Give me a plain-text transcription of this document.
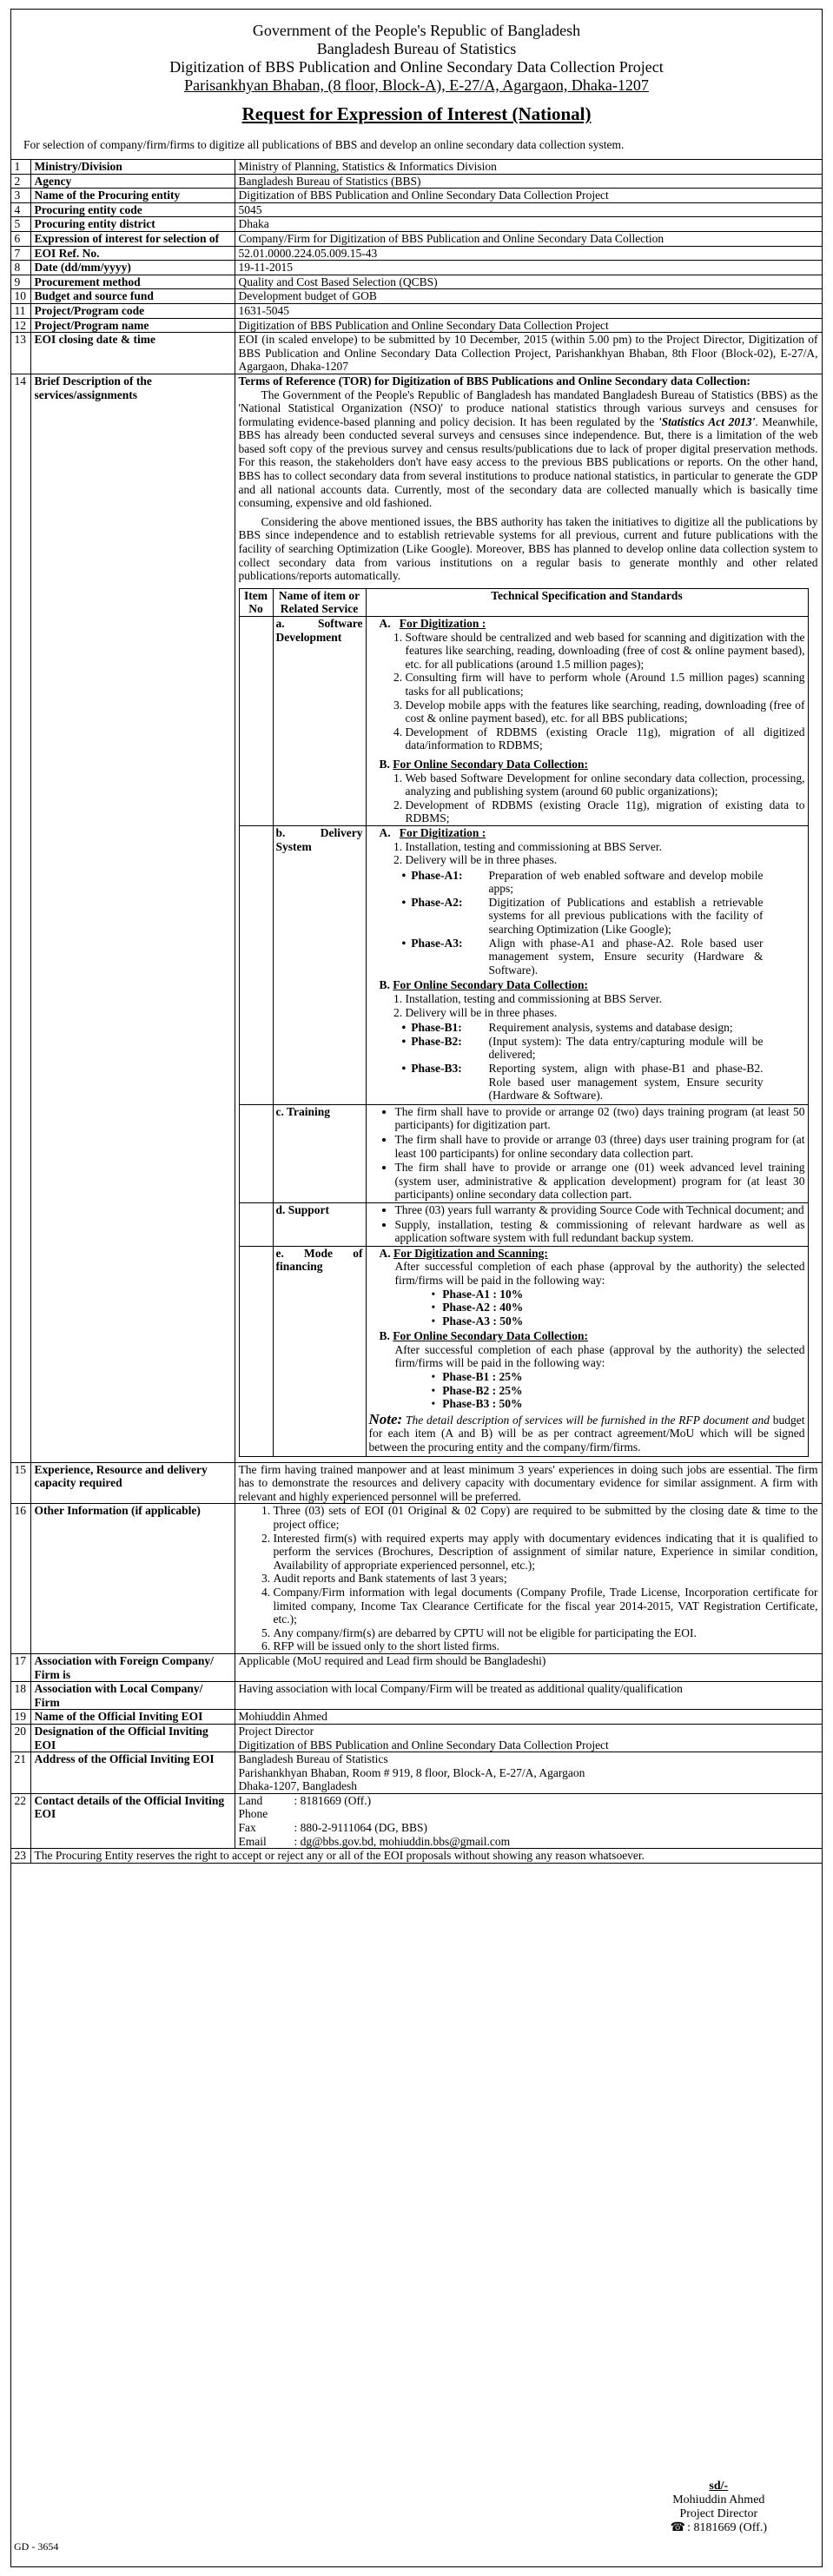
Government of the People's Republic of Bangladesh
Bangladesh Bureau of Statistics
Digitization of BBS Publication and Online Secondary Data Collection Project
Parisankhyan Bhaban, (8 floor, Block-A), E-27/A, Agargaon, Dhaka-1207
Request for Expression of Interest (National)
For selection of company/firm/firms to digitize all publications of BBS and develop an online secondary data collection system.
1	Ministry/Division	Ministry of Planning, Statistics & Informatics Division
2	Agency	Bangladesh Bureau of Statistics (BBS)
3	Name of the Procuring entity	Digitization of BBS Publication and Online Secondary Data Collection Project
4	Procuring entity code	5045
5	Procuring entity district	Dhaka
6	Expression of interest for selection of	Company/Firm for Digitization of BBS Publication and Online Secondary Data Collection
7	EOI Ref. No.	52.01.0000.224.05.009.15-43
8	Date (dd/mm/yyyy)	19-11-2015
9	Procurement method	Quality and Cost Based Selection (QCBS)
10	Budget and source fund	Development budget of GOB
11	Project/Program code	1631-5045
12	Project/Program name	Digitization of BBS Publication and Online Secondary Data Collection Project
13	EOI closing date & time	EOI (in scaled envelope) to be submitted by 10 December, 2015 (within 5.00 pm) to the Project Director, Digitization of BBS Publication and Online Secondary Data Collection Project, Parishankhyan Bhaban, 8th Floor (Block-02), E-27/A, Agargaon, Dhaka-1207
14	Brief Description of the services/assignments	

Terms of Reference (TOR) for Digitization of BBS Publications and Online Secondary data Collection:

The Government of the People's Republic of Bangladesh has mandated Bangladesh Bureau of Statistics (BBS) as the 'National Statistical Organization (NSO)' to produce national statistics through various surveys and censuses for formulating evidence-based planning and policy decision. It has been regulated by the 'Statistics Act 2013'. Meanwhile, BBS has already been conducted several surveys and censuses since independence. But, there is a limitation of the web based soft copy of the previous survey and census results/publications due to lack of proper digital preservation methods. For this reason, the stakeholders don't have easy access to the previous BBS publications or reports. On the other hand, BBS has to collect secondary data from several institutions to produce national statistics, in particular to generate the GDP and all national accounts data. Currently, most of the secondary data are collected manually which is basically time consuming, expensive and old fashioned.

Considering the above mentioned issues, the BBS authority has taken the initiatives to digitize all the publications by BBS since independence and to establish retrievable systems for all previous, current and future publications with the facility of searching Optimization (Like Google). Moreover, BBS has planned to develop online data collection system to collect secondary data from various institutions on a regular basis to generate monthly and other related publications/reports automatically.

Item No	Name of item or Related Service	Technical Specification and Standards
	a. Software Development	
A. For Digitization :
1. Software should be centralized and web based for scanning and digitization with the features like searching, reading, downloading (free of cost & online payment based), etc. for all publications (around 1.5 million pages);
2. Consulting firm will have to perform whole (Around 1.5 million pages) scanning tasks for all publications;
3. Develop mobile apps with the features like searching, reading, downloading (free of cost & online payment based), etc. for all BBS publications;
4. Development of RDBMS (existing Oracle 11g), migration of all digitized data/information to RDBMS;
B. For Online Secondary Data Collection:
1. Web based Software Development for online secondary data collection, processing, analyzing and publishing system (around 60 public organizations);
2. Development of RDBMS (existing Oracle 11g), migration of existing data to RDBMS;

	b. Delivery System	
A. For Digitization :
1. Installation, testing and commissioning at BBS Server.
2. Delivery will be in three phases.
• Phase-A1:	Preparation of web enabled software and develop mobile apps;
• Phase-A2:	Digitization of Publications and establish a retrievable systems for all previous publications with the facility of searching Optimization (Like Google);
• Phase-A3:	Align with phase-A1 and phase-A2. Role based user management system, Ensure security (Hardware & Software).
B. For Online Secondary Data Collection:
1. Installation, testing and commissioning at BBS Server.
2. Delivery will be in three phases.
• Phase-B1:	Requirement analysis, systems and database design;
• Phase-B2:	(Input system): The data entry/capturing module will be delivered;
• Phase-B3:	Reporting system, align with phase-B1 and phase-B2. Role based user management system, Ensure security (Hardware & Software).

	c. Training	
•The firm shall have to provide or arrange 02 (two) days training program (at least 50 participants) for digitization part.
• The firm shall have to provide or arrange 03 (three) days user training program for (at least 100 participants) for online secondary data collection part.
• The firm shall have to provide or arrange one (01) week advanced level training (system user, administrative & application development) program for (at least 30 participants) online secondary data collection part.

	d. Support	
•Three (03) years full warranty & providing Source Code with Technical document; and
• Supply, installation, testing & commissioning of relevant hardware as well as application software system with full redundant backup system.

	e. Mode of financing	
A. For Digitization and Scanning:
After successful completion of each phase (approval by the authority) the selected firm/firms will be paid in the following way:
• Phase-A1 : 10%
• Phase-A2 : 40%
• Phase-A3 : 50%
B. For Online Secondary Data Collection:
After successful completion of each phase (approval by the authority) the selected firm/firms will be paid in the following way:
• Phase-B1 : 25%
• Phase-B2 : 25%
• Phase-B3 : 50%
Note: The detail description of services will be furnished in the RFP document and budget for each item (A and B) will be as per contract agreement/MoU which will be signed between the procuring entity and the company/firm/firms.

15	Experience, Resource and delivery capacity required	The firm having trained manpower and at least minimum 3 years' experiences in doing such jobs are essential. The firm has to demonstrate the resources and delivery capacity with documentary evidence for similar assignment. A firm with relevant and highly experienced personnel will be preferred.
16	Other Information (if applicable)	
1.Three (03) sets of EOI (01 Original & 02 Copy) are required to be submitted by the closing date & time to the project office;
2. Interested firm(s) with required experts may apply with documentary evidences indicating that it is qualified to perform the services (Brochures, Description of assignment of similar nature, Experience in similar condition, Availability of appropriate experienced personnel, etc.);
3. Audit reports and Bank statements of last 3 years;
4. Company/Firm information with legal documents (Company Profile, Trade License, Incorporation certificate for limited company, Income Tax Clearance Certificate for the fiscal year 2014-2015, VAT Registration Certificate, etc.);
5. Any company/firm(s) are debarred by CPTU will not be eligible for participating the EOI.
6. RFP will be issued only to the short listed firms.

17	Association with Foreign Company/ Firm is	Applicable (MoU required and Lead firm should be Bangladeshi)
18	Association with Local Company/ Firm	Having association with local Company/Firm will be treated as additional quality/qualification
19	Name of the Official Inviting EOI	Mohiuddin Ahmed
20	Designation of the Official Inviting EOI	
Project Director
Digitization of BBS Publication and Online Secondary Data Collection Project

21	Address of the Official Inviting EOI	Bangladesh Bureau of Statistics
Parishankhyan Bhaban, Room # 919, 8 floor, Block-A, E-27/A, Agargaon
Dhaka-1207, Bangladesh

22	Contact details of the Official Inviting EOI	
Land Phone
: 8181669 (Off.)
Fax	: 880-2-9111064 (DG, BBS)
Email	: dg@bbs.gov.bd, mohiuddin.bbs@gmail.com

23	The Procuring Entity reserves the right to accept or reject any or all of the EOI proposals without showing any reason whatsoever.
sd/-
Mohiuddin Ahmed
Project Director
☎ : 8181669 (Off.)
GD - 3654
